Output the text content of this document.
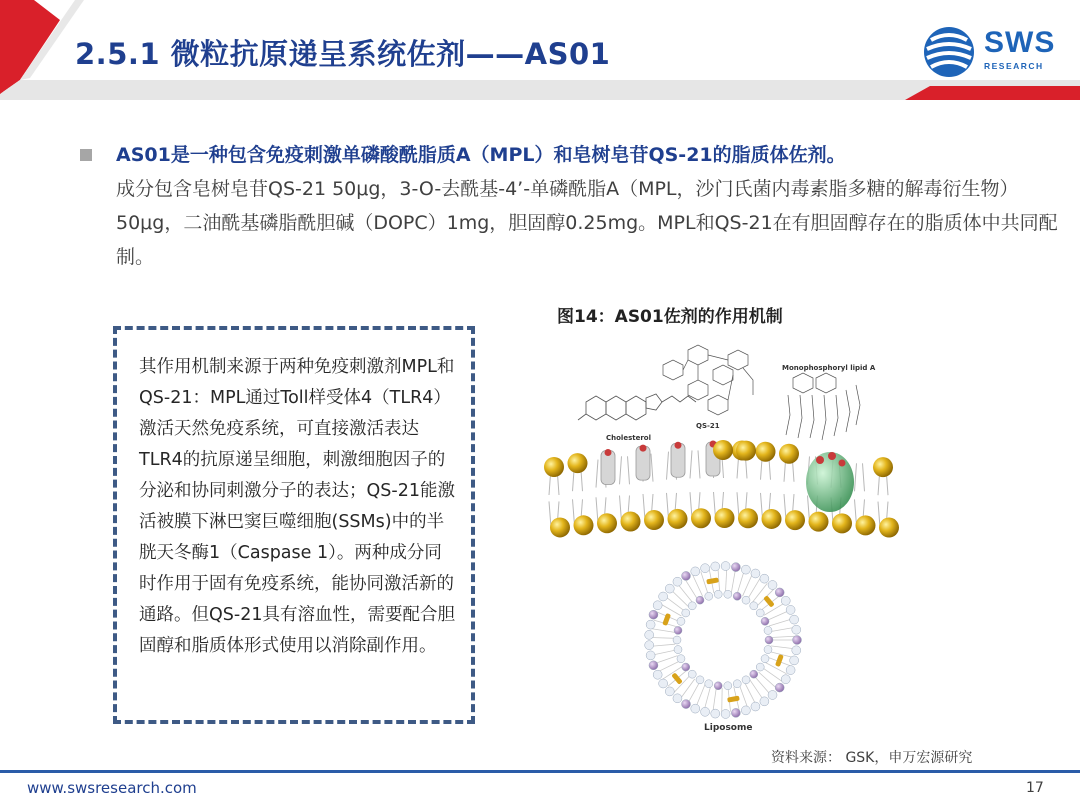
2.5.1 微粒抗原递呈系统佐剂——AS01	SWS
RESEARCH
AS01是一种包含免疫刺激单磷酸酰脂质A（MPL）和皂树皂苷QS-21的脂质体佐剂。
成分包含皂树皂苷QS-21 50μg，3-O-去酰基-4’-单磷酰脂A（MPL，沙门氏菌内毒素脂多糖的解毒衍生物）50μg，二油酰基磷脂酰胆碱（DOPC）1mg，胆固醇0.25mg。MPL和QS-21在有胆固醇存在的脂质体中共同配制。

其作用机制来源于两种免疫刺激剂MPL和QS-21：MPL通过Toll样受体4（TLR4）激活天然免疫系统，可直接激活表达TLR4的抗原递呈细胞，刺激细胞因子的分泌和协同刺激分子的表达；QS-21能激活被膜下淋巴窦巨噬细胞(SSMs)中的半胱天冬酶1（Caspase 1）。两种成分同时作用于固有免疫系统，能协同激活新的通路。但QS-21具有溶血性，需要配合胆固醇和脂质体形式使用以消除副作用。

图14：AS01佐剂的作用机制

Cholesterol
QS-21
Monophosphoryl lipid A
Liposome
资料来源： GSK，申万宏源研究
www.swsresearch.com	17
